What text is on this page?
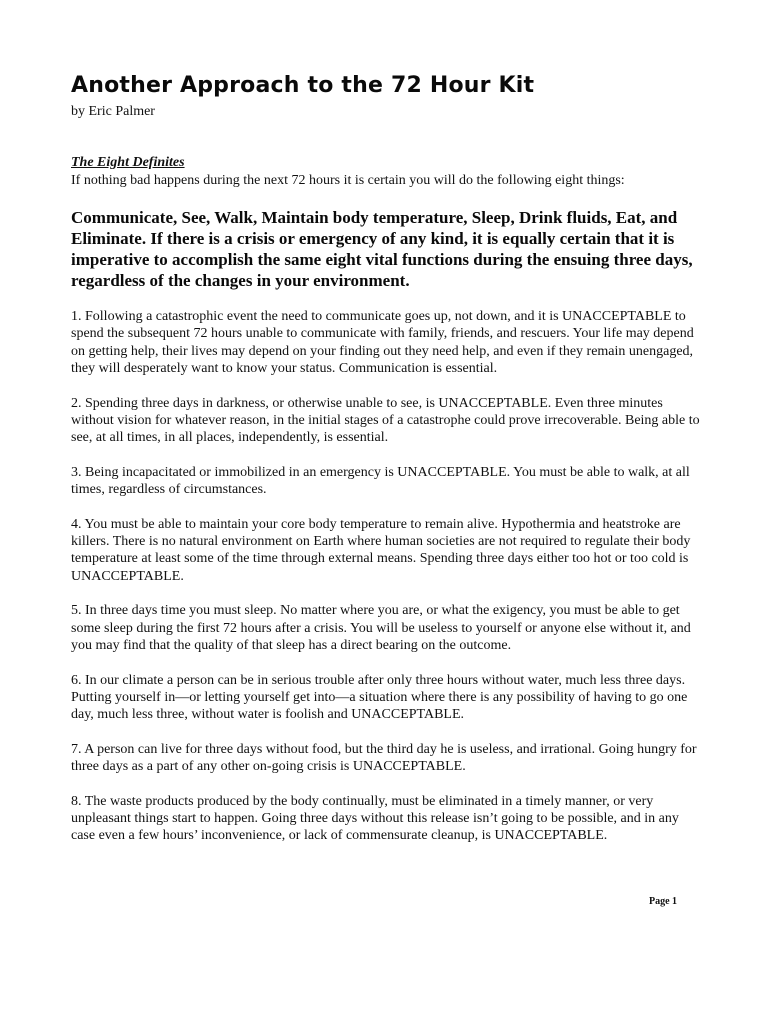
Another Approach to the 72 Hour Kit
by Eric Palmer
The Eight Definites
If nothing bad happens during the next 72 hours it is certain you will do the following eight things:

Communicate, See, Walk, Maintain body temperature, Sleep, Drink fluids, Eat, and Eliminate. If there is a crisis or emergency of any kind, it is equally certain that it is imperative to accomplish the same eight vital functions during the ensuing three days, regardless of the changes in your environment.

1. Following a catastrophic event the need to communicate goes up, not down, and it is UNACCEPTABLE to spend the subsequent 72 hours unable to communicate with family, friends, and rescuers. Your life may depend on getting help, their lives may depend on your finding out they need help, and even if they remain unengaged, they will desperately want to know your status. Communication is essential.

2. Spending three days in darkness, or otherwise unable to see, is UNACCEPTABLE. Even three minutes without vision for whatever reason, in the initial stages of a catastrophe could prove irrecoverable. Being able to see, at all times, in all places, independently, is essential.

3. Being incapacitated or immobilized in an emergency is UNACCEPTABLE. You must be able to walk, at all times, regardless of circumstances.

4. You must be able to maintain your core body temperature to remain alive. Hypothermia and heatstroke are killers. There is no natural environment on Earth where human societies are not required to regulate their body temperature at least some of the time through external means. Spending three days either too hot or too cold is UNACCEPTABLE.

5. In three days time you must sleep. No matter where you are, or what the exigency, you must be able to get some sleep during the first 72 hours after a crisis. You will be useless to yourself or anyone else without it, and you may find that the quality of that sleep has a direct bearing on the outcome.

6. In our climate a person can be in serious trouble after only three hours without water, much less three days. Putting yourself in—or letting yourself get into—a situation where there is any possibility of having to go one day, much less three, without water is foolish and UNACCEPTABLE.

7. A person can live for three days without food, but the third day he is useless, and irrational. Going hungry for three days as a part of any other on-going crisis is UNACCEPTABLE.

8. The waste products produced by the body continually, must be eliminated in a timely manner, or very unpleasant things start to happen. Going three days without this release isn’t going to be possible, and in any case even a few hours’ inconvenience, or lack of commensurate cleanup, is UNACCEPTABLE.

Page 1
